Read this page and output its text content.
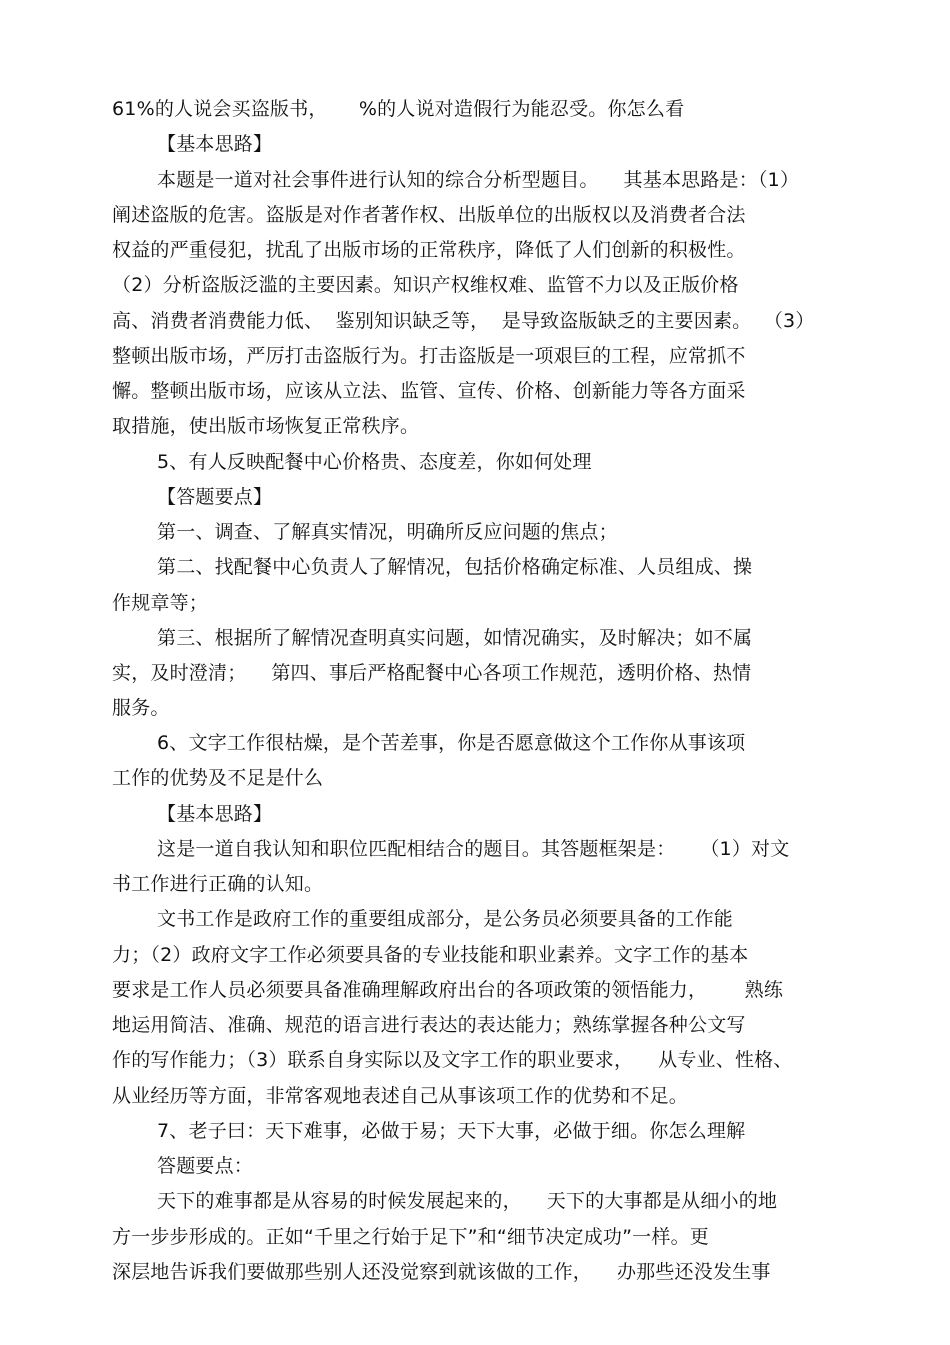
61%的人说会买盗版书，     %的人说对造假行为能忍受。你怎么看
【基本思路】
本题是一道对社会事件进行认知的综合分析型题目。    其基本思路是：（1）
阐述盗版的危害。盗版是对作者著作权、出版单位的出版权以及消费者合法
权益的严重侵犯，扰乱了出版市场的正常秩序，降低了人们创新的积极性。
（2）分析盗版泛滥的主要因素。知识产权维权难、监管不力以及正版价格
高、消费者消费能力低、  鉴别知识缺乏等，  是导致盗版缺乏的主要因素。  （3）
整顿出版市场，严厉打击盗版行为。打击盗版是一项艰巨的工程，应常抓不
懈。整顿出版市场，应该从立法、监管、宣传、价格、创新能力等各方面采
取措施，使出版市场恢复正常秩序。
5、有人反映配餐中心价格贵、态度差，你如何处理
【答题要点】
第一、调查、了解真实情况，明确所反应问题的焦点；
第二、找配餐中心负责人了解情况，包括价格确定标准、人员组成、操
作规章等；
第三、根据所了解情况查明真实问题，如情况确实，及时解决；如不属
实，及时澄清；    第四、事后严格配餐中心各项工作规范，透明价格、热情
服务。
6、文字工作很枯燥，是个苦差事，你是否愿意做这个工作你从事该项
工作的优势及不足是什么
【基本思路】
这是一道自我认知和职位匹配相结合的题目。其答题框架是：    （1）对文
书工作进行正确的认知。
文书工作是政府工作的重要组成部分，是公务员必须要具备的工作能
力；（2）政府文字工作必须要具备的专业技能和职业素养。文字工作的基本
要求是工作人员必须要具备准确理解政府出台的各项政策的领悟能力，      熟练
地运用简洁、准确、规范的语言进行表达的表达能力；熟练掌握各种公文写
作的写作能力；（3）联系自身实际以及文字工作的职业要求，    从专业、性格、
从业经历等方面，非常客观地表述自己从事该项工作的优势和不足。
7、老子曰：天下难事，必做于易；天下大事，必做于细。你怎么理解
答题要点：
天下的难事都是从容易的时候发展起来的，    天下的大事都是从细小的地
方一步步形成的。正如“千里之行始于足下”和“细节决定成功”一样。更
深层地告诉我们要做那些别人还没觉察到就该做的工作，    办那些还没发生事
